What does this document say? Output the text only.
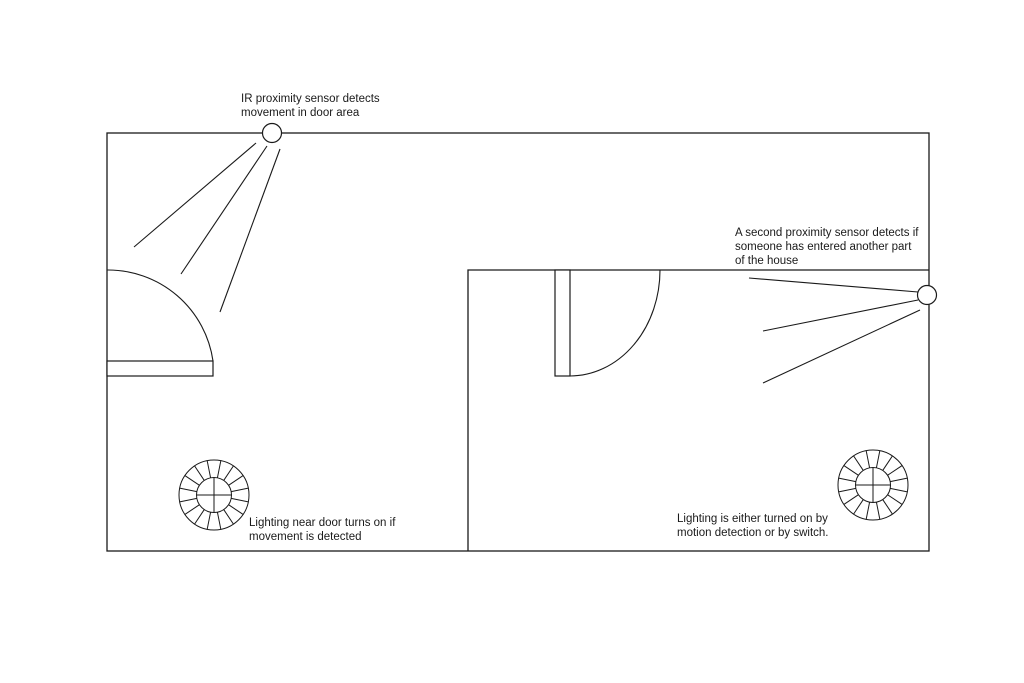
IR proximity sensor detects
movement in door area
A second proximity sensor detects if
someone has entered another part
of the house
Lighting near door turns on if
movement is detected
Lighting is either turned on by
motion detection or by switch.
